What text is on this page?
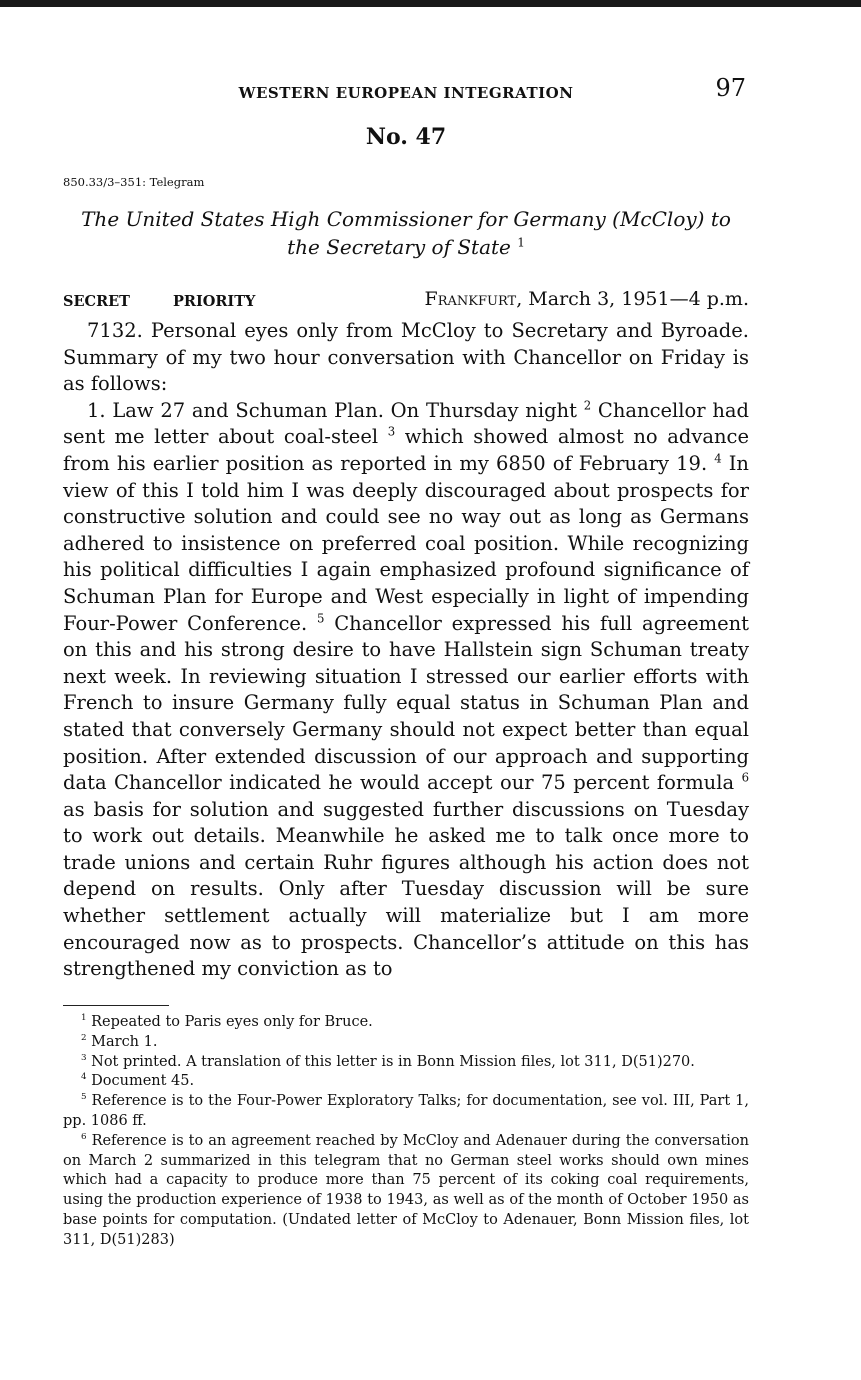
WESTERN EUROPEAN INTEGRATION	97
No. 47
850.33/3–351: Telegram
The United States High Commissioner for Germany (McCloy) to the Secretary of State $^1$
SECRET	PRIORITY	Frankfurt, March 3, 1951—4 p.m.

7132. Personal eyes only from McCloy to Secretary and Byroade. Summary of my two hour conversation with Chancellor on Friday is as follows:

1. Law 27 and Schuman Plan. On Thursday night $^2$ Chancellor had sent me letter about coal-steel $^3$ which showed almost no advance from his earlier position as reported in my 6850 of February 19. $^4$ In view of this I told him I was deeply discouraged about prospects for constructive solution and could see no way out as long as Germans adhered to insistence on preferred coal position. While recognizing his political difficulties I again emphasized profound significance of Schuman Plan for Europe and West especially in light of impending Four-Power Conference. $^5$ Chancellor expressed his full agreement on this and his strong desire to have Hallstein sign Schuman treaty next week. In reviewing situation I stressed our earlier efforts with French to insure Germany fully equal status in Schuman Plan and stated that conversely Germany should not expect better than equal position. After extended discussion of our approach and supporting data Chancellor indicated he would accept our 75 percent formula $^6$ as basis for solution and suggested further discussions on Tuesday to work out details. Meanwhile he asked me to talk once more to trade unions and certain Ruhr figures although his action does not depend on results. Only after Tuesday discussion will be sure whether settlement actually will materialize but I am more encouraged now as to prospects. Chancellor’s attitude on this has strengthened my conviction as to

$^1$ Repeated to Paris eyes only for Bruce.

$^2$ March 1.

$^3$ Not printed. A translation of this letter is in Bonn Mission files, lot 311, D(51)270.

$^4$ Document 45.

$^5$ Reference is to the Four-Power Exploratory Talks; for documentation, see vol. III, Part 1, pp. 1086 ff.

$^6$ Reference is to an agreement reached by McCloy and Adenauer during the conversation on March 2 summarized in this telegram that no German steel works should own mines which had a capacity to produce more than 75 percent of its coking coal requirements, using the production experience of 1938 to 1943, as well as of the month of October 1950 as base points for computation. (Undated letter of McCloy to Adenauer, Bonn Mission files, lot 311, D(51)283)
